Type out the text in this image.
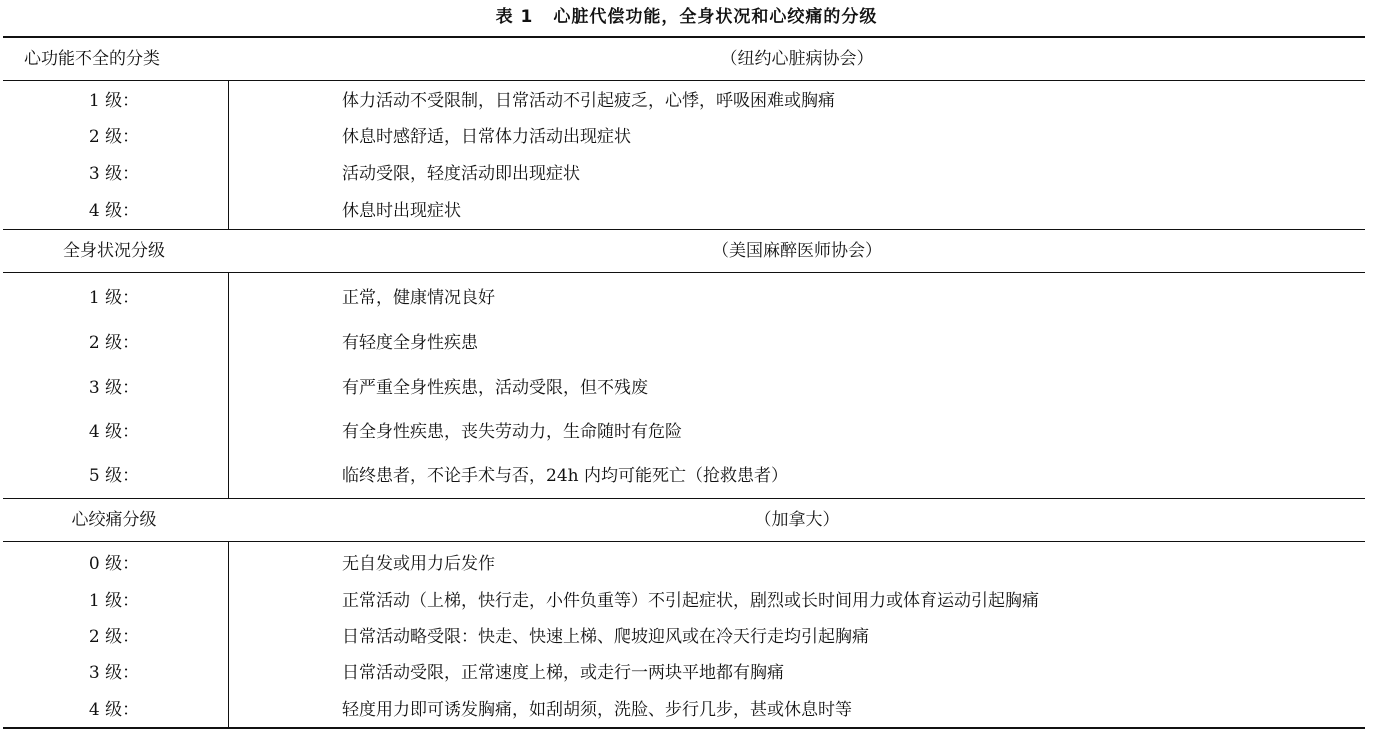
表 1 心脏代偿功能，全身状况和心绞痛的分级
心功能不全的分类	（纽约心脏病协会）
1 级：	体力活动不受限制，日常活动不引起疲乏，心悸，呼吸困难或胸痛
2 级：	休息时感舒适，日常体力活动出现症状
3 级：	活动受限，轻度活动即出现症状
4 级：	休息时出现症状
全身状况分级	（美国麻醉医师协会）
1 级：	正常，健康情况良好
2 级：	有轻度全身性疾患
3 级：	有严重全身性疾患，活动受限，但不残废
4 级：	有全身性疾患，丧失劳动力，生命随时有危险
5 级：	临终患者，不论手术与否，24h 内均可能死亡（抢救患者）
心绞痛分级	（加拿大）
0 级：	无自发或用力后发作
1 级：	正常活动（上梯，快行走，小件负重等）不引起症状，剧烈或长时间用力或体育运动引起胸痛
2 级：	日常活动略受限：快走、快速上梯、爬坡迎风或在冷天行走均引起胸痛
3 级：	日常活动受限，正常速度上梯，或走行一两块平地都有胸痛
4 级：	轻度用力即可诱发胸痛，如刮胡须，洗脸、步行几步，甚或休息时等
